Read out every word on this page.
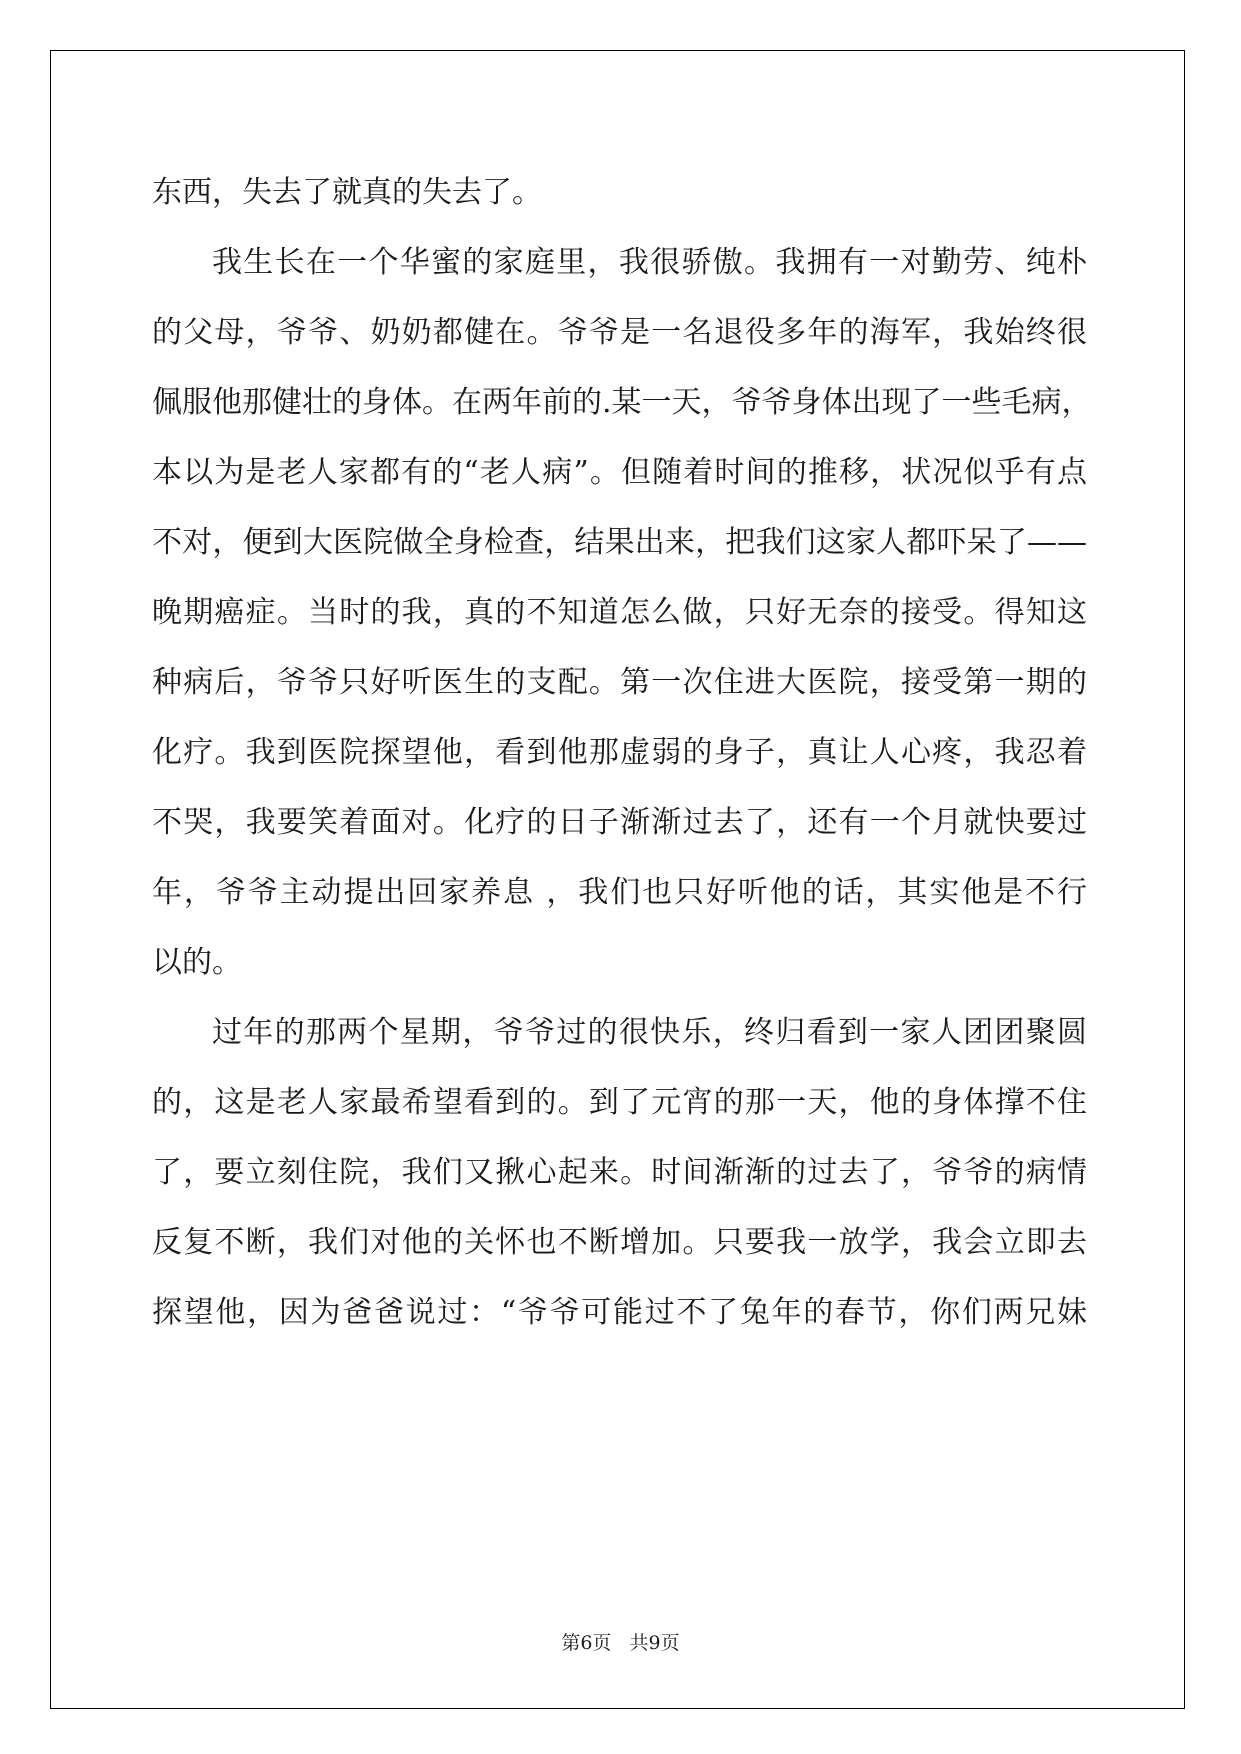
东西，失去了就真的失去了。
我生长在一个华蜜的家庭里，我很骄傲。我拥有一对勤劳、纯朴
的父母，爷爷、奶奶都健在。爷爷是一名退役多年的海军，我始终很
佩服他那健壮的身体。在两年前的.某一天，爷爷身体出现了一些毛病，
本以为是老人家都有的“老人病”。但随着时间的推移，状况似乎有点
不对，便到大医院做全身检查，结果出来，把我们这家人都吓呆了——
晚期癌症。当时的我，真的不知道怎么做，只好无奈的接受。得知这
种病后，爷爷只好听医生的支配。第一次住进大医院，接受第一期的
化疗。我到医院探望他，看到他那虚弱的身子，真让人心疼，我忍着
不哭，我要笑着面对。化疗的日子渐渐过去了，还有一个月就快要过
年，爷爷主动提出回家养息 ，我们也只好听他的话，其实他是不行
以的。
过年的那两个星期，爷爷过的很快乐，终归看到一家人团团聚圆
的，这是老人家最希望看到的。到了元宵的那一天，他的身体撑不住
了，要立刻住院，我们又揪心起来。时间渐渐的过去了，爷爷的病情
反复不断，我们对他的关怀也不断增加。只要我一放学，我会立即去
探望他，因为爸爸说过：“爷爷可能过不了兔年的春节，你们两兄妹
第6页   共9页
